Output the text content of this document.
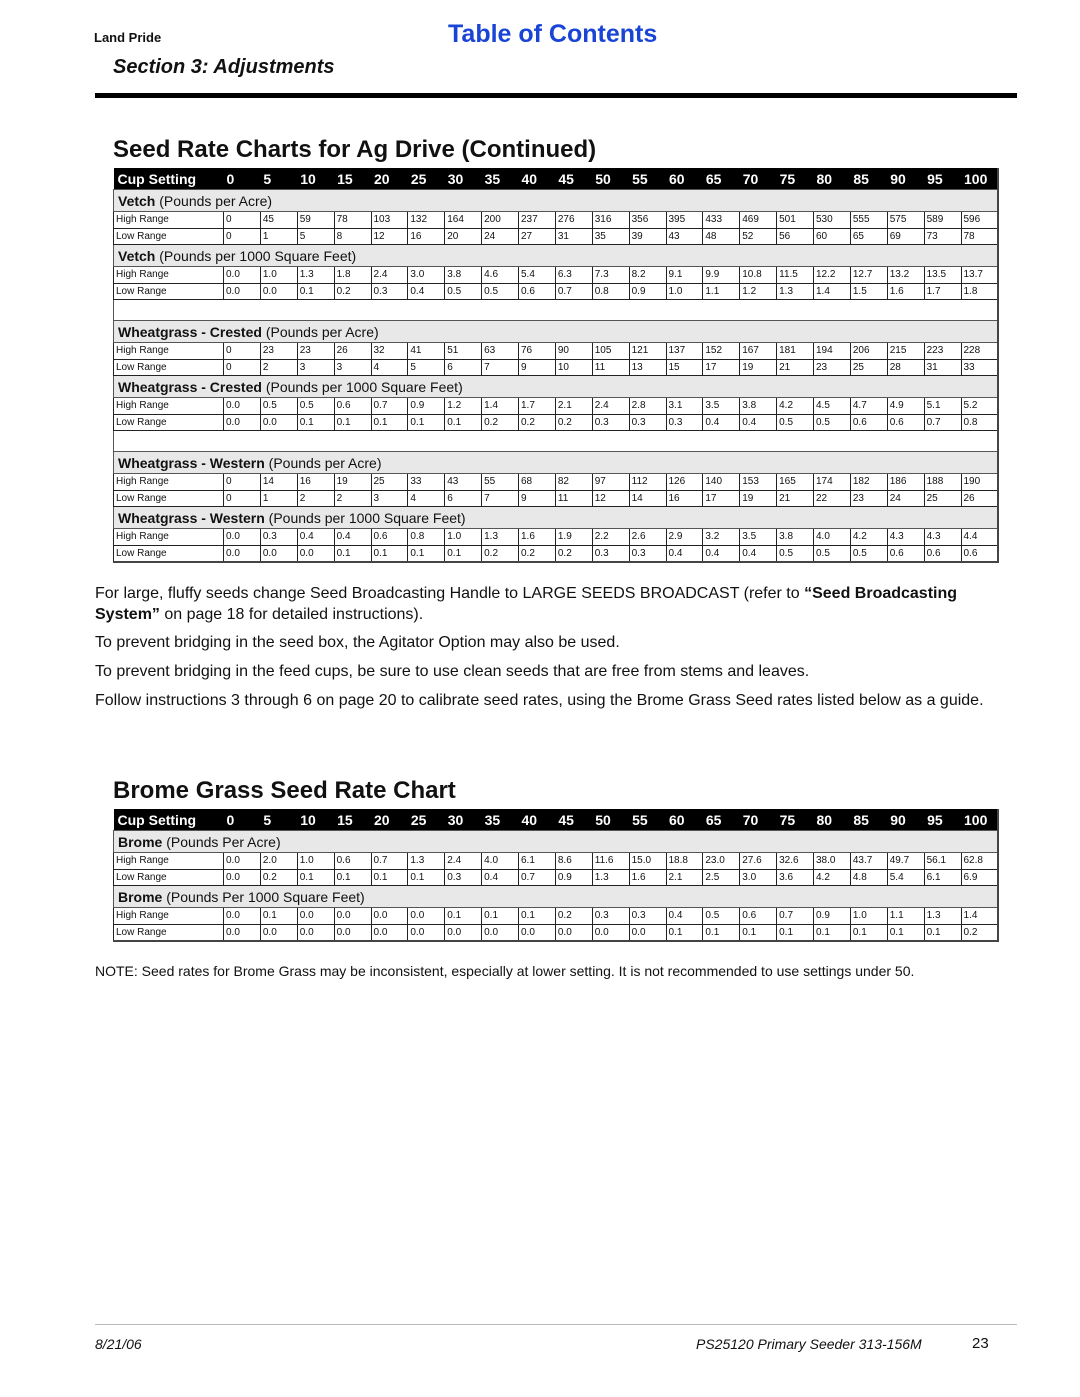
Land Pride	Table of Contents
Section 3: Adjustments
Seed Rate Charts for Ag Drive (Continued)
Cup Setting	0	5	10	15	20	25	30	35	40	45	50	55	60	65	70	75	80	85	90	95	100
Vetch (Pounds per Acre)																					
High Range	0	45	59	78	103	132	164	200	237	276	316	356	395	433	469	501	530	555	575	589	596
Low Range	0	1	5	8	12	16	20	24	27	31	35	39	43	48	52	56	60	65	69	73	78
Vetch (Pounds per 1000 Square Feet)																					
High Range	0.0	1.0	1.3	1.8	2.4	3.0	3.8	4.6	5.4	6.3	7.3	8.2	9.1	9.9	10.8	11.5	12.2	12.7	13.2	13.5	13.7
Low Range	0.0	0.0	0.1	0.2	0.3	0.4	0.5	0.5	0.6	0.7	0.8	0.9	1.0	1.1	1.2	1.3	1.4	1.5	1.6	1.7	1.8

Wheatgrass - Crested (Pounds per Acre)																					
High Range	0	23	23	26	32	41	51	63	76	90	105	121	137	152	167	181	194	206	215	223	228
Low Range	0	2	3	3	4	5	6	7	9	10	11	13	15	17	19	21	23	25	28	31	33
Wheatgrass - Crested (Pounds per 1000 Square Feet)																					
High Range	0.0	0.5	0.5	0.6	0.7	0.9	1.2	1.4	1.7	2.1	2.4	2.8	3.1	3.5	3.8	4.2	4.5	4.7	4.9	5.1	5.2
Low Range	0.0	0.0	0.1	0.1	0.1	0.1	0.1	0.2	0.2	0.2	0.3	0.3	0.3	0.4	0.4	0.5	0.5	0.6	0.6	0.7	0.8

Wheatgrass - Western (Pounds per Acre)																					
High Range	0	14	16	19	25	33	43	55	68	82	97	112	126	140	153	165	174	182	186	188	190
Low Range	0	1	2	2	3	4	6	7	9	11	12	14	16	17	19	21	22	23	24	25	26
Wheatgrass - Western (Pounds per 1000 Square Feet)																					
High Range	0.0	0.3	0.4	0.4	0.6	0.8	1.0	1.3	1.6	1.9	2.2	2.6	2.9	3.2	3.5	3.8	4.0	4.2	4.3	4.3	4.4
Low Range	0.0	0.0	0.0	0.1	0.1	0.1	0.1	0.2	0.2	0.2	0.3	0.3	0.4	0.4	0.4	0.5	0.5	0.5	0.6	0.6	0.6

For large, fluffy seeds change Seed Broadcasting Handle to LARGE SEEDS BROADCAST (refer to “Seed Broadcasting System” on page 18 for detailed instructions).

To prevent bridging in the seed box, the Agitator Option may also be used.

To prevent bridging in the feed cups, be sure to use clean seeds that are free from stems and leaves.

Follow instructions 3 through 6 on page 20 to calibrate seed rates, using the Brome Grass Seed rates listed below as a guide.

Brome Grass Seed Rate Chart
Cup Setting	0	5	10	15	20	25	30	35	40	45	50	55	60	65	70	75	80	85	90	95	100
Brome (Pounds Per Acre)																					
High Range	0.0	2.0	1.0	0.6	0.7	1.3	2.4	4.0	6.1	8.6	11.6	15.0	18.8	23.0	27.6	32.6	38.0	43.7	49.7	56.1	62.8
Low Range	0.0	0.2	0.1	0.1	0.1	0.1	0.3	0.4	0.7	0.9	1.3	1.6	2.1	2.5	3.0	3.6	4.2	4.8	5.4	6.1	6.9
Brome (Pounds Per 1000 Square Feet)																					
High Range	0.0	0.1	0.0	0.0	0.0	0.0	0.1	0.1	0.1	0.2	0.3	0.3	0.4	0.5	0.6	0.7	0.9	1.0	1.1	1.3	1.4
Low Range	0.0	0.0	0.0	0.0	0.0	0.0	0.0	0.0	0.0	0.0	0.0	0.0	0.1	0.1	0.1	0.1	0.1	0.1	0.1	0.1	0.2

NOTE: Seed rates for Brome Grass may be inconsistent, especially at lower setting. It is not recommended to use settings under 50.

8/21/06	PS25120 Primary Seeder 313-156M	23
